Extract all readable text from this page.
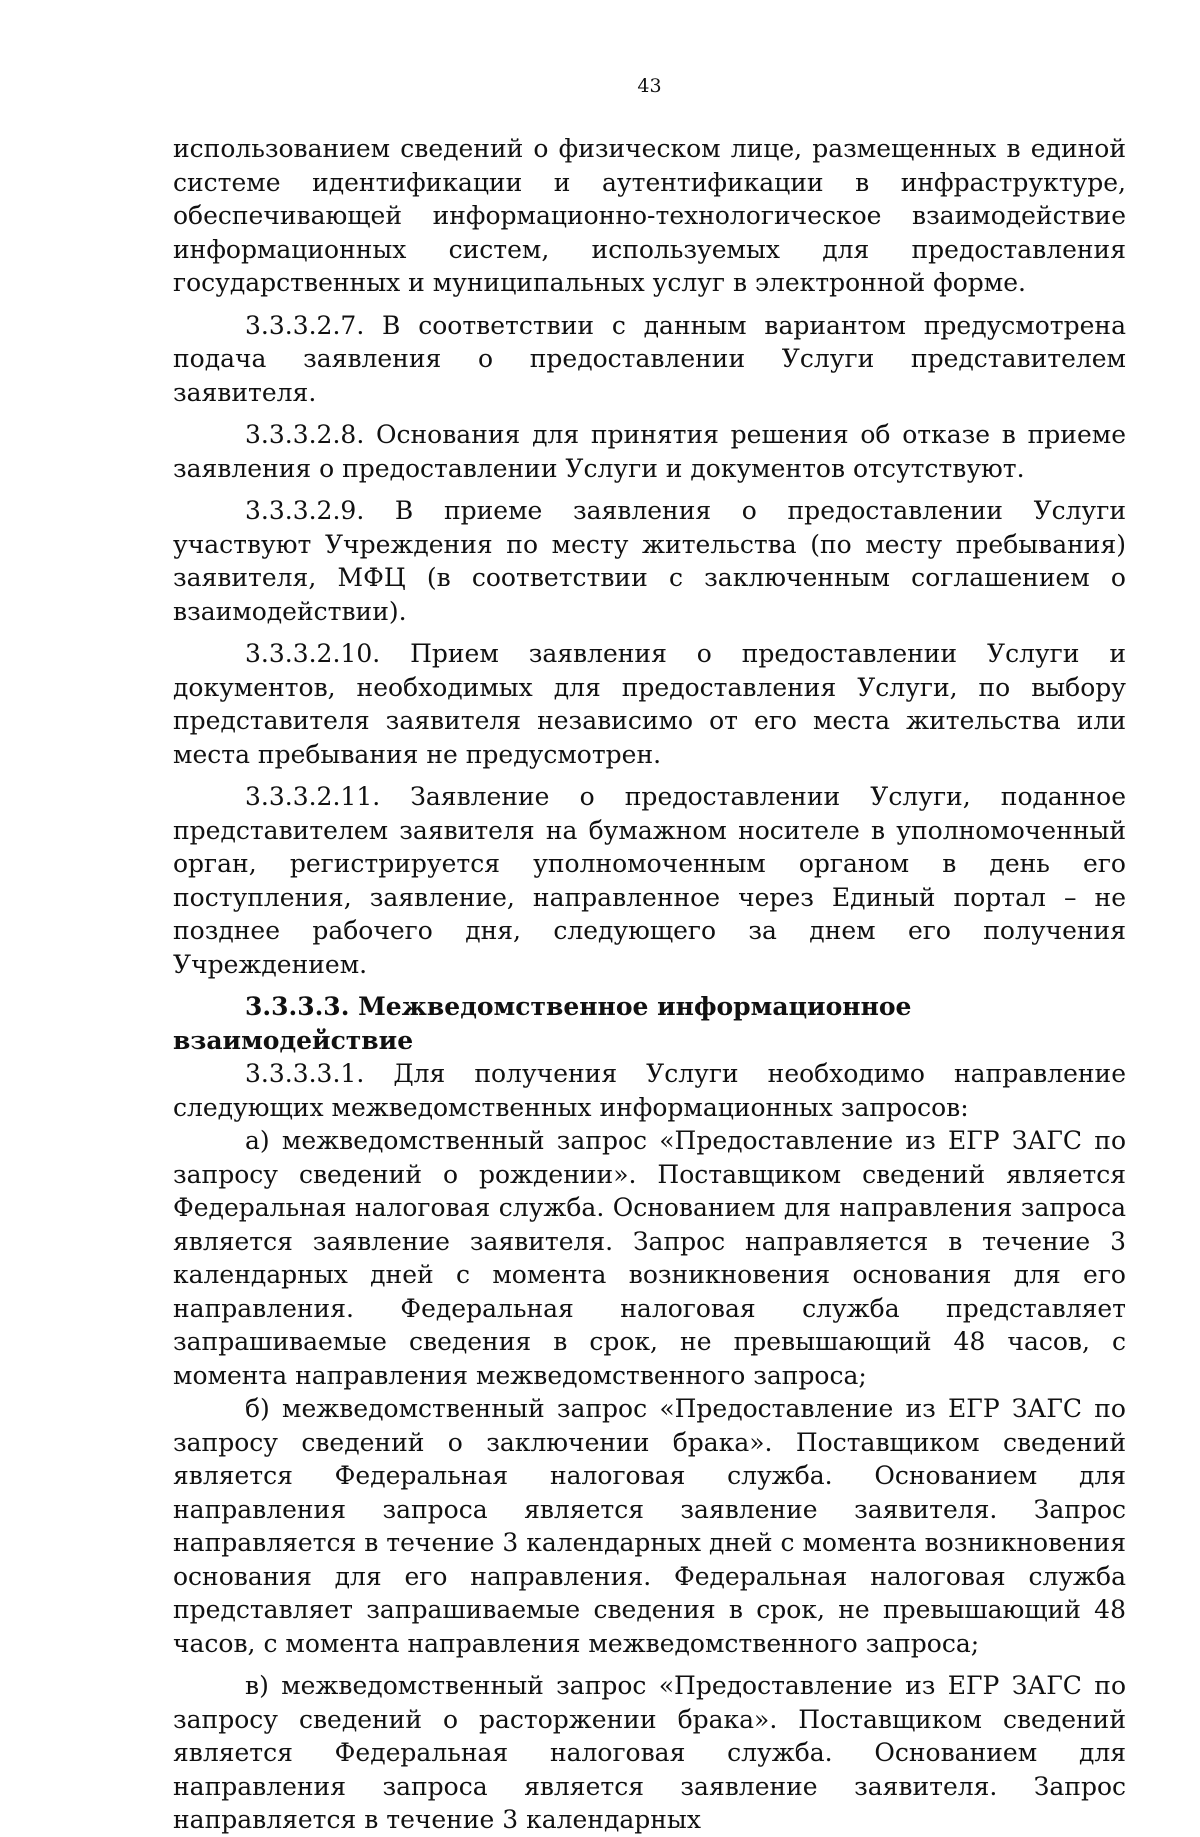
43

использованием сведений о физическом лице, размещенных в единой системе идентификации и аутентификации в инфраструктуре, обеспечивающей информационно-технологическое взаимодействие информационных систем, используемых для предоставления государственных и муниципальных услуг в электронной форме.

3.3.3.2.7. В соответствии с данным вариантом предусмотрена подача заявления о предоставлении Услуги представителем заявителя.

3.3.3.2.8. Основания для принятия решения об отказе в приеме заявления о предоставлении Услуги и документов отсутствуют.

3.3.3.2.9. В приеме заявления о предоставлении Услуги участвуют Учреждения по месту жительства (по месту пребывания) заявителя, МФЦ (в соответствии с заключенным соглашением о взаимодействии).

3.3.3.2.10. Прием заявления о предоставлении Услуги и документов, необходимых для предоставления Услуги, по выбору представителя заявителя независимо от его места жительства или места пребывания не предусмотрен.

3.3.3.2.11. Заявление о предоставлении Услуги, поданное представителем заявителя на бумажном носителе в уполномоченный орган, регистрируется уполномоченным органом в день его поступления, заявление, направленное через Единый портал – не позднее рабочего дня, следующего за днем его получения Учреждением.

3.3.3.3. Межведомственное информационное взаимодействие

3.3.3.3.1. Для получения Услуги необходимо направление следующих межведомственных информационных запросов:

а) межведомственный запрос «Предоставление из ЕГР ЗАГС по запросу сведений о рождении». Поставщиком сведений является Федеральная налоговая служба. Основанием для направления запроса является заявление заявителя. Запрос направляется в течение 3 календарных дней с момента возникновения основания для его направления. Федеральная налоговая служба представляет запрашиваемые сведения в срок, не превышающий 48 часов, с момента направления межведомственного запроса;

б) межведомственный запрос «Предоставление из ЕГР ЗАГС по запросу сведений о заключении брака». Поставщиком сведений является Федеральная налоговая служба. Основанием для направления запроса является заявление заявителя. Запрос направляется в течение 3 календарных дней с момента возникновения основания для его направления. Федеральная налоговая служба представляет запрашиваемые сведения в срок, не превышающий 48 часов, с момента направления межведомственного запроса;

в) межведомственный запрос «Предоставление из ЕГР ЗАГС по запросу сведений о расторжении брака». Поставщиком сведений является Федеральная налоговая служба. Основанием для направления запроса является заявление заявителя. Запрос направляется в течение 3 календарных
